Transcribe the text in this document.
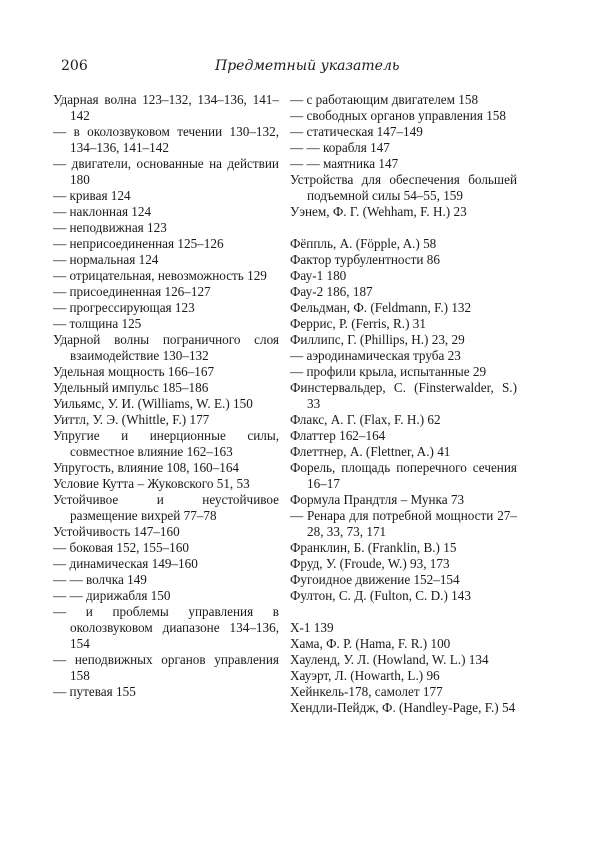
206	Предметный указатель
Ударная волна 123–132, 134–136, 141–142
— в околозвуковом течении 130–132, 134–136, 141–142
— двигатели, основанные на действии 180
— кривая 124
— наклонная 124
— неподвижная 123
— неприсоединенная 125–126
— нормальная 124
— отрицательная, невозможность 129
— присоединенная 126–127
— прогрессирующая 123
— толщина 125
Ударной волны пограничного слоя взаимодействие 130–132
Удельная мощность 166–167
Удельный импульс 185–186
Уильямс, У. И. (Williams, W. E.) 150
Уиттл, У. Э. (Whittle, F.) 177
Упругие и инерционные силы, совместное влияние 162–163
Упругость, влияние 108, 160–164
Условие Кутта – Жуковского 51, 53
Устойчивое и неустойчивое размещение вихрей 77–78
Устойчивость 147–160
— боковая 152, 155–160
— динамическая 149–160
— — волчка 149
— — дирижабля 150
— и проблемы управления в околозвуковом диапазоне 134–136, 154
— неподвижных органов управления 158
— путевая 155
— с работающим двигателем 158
— свободных органов управления 158
— статическая 147–149
— — корабля 147
— — маятника 147
Устройства для обеспечения большей подъемной силы 54–55, 159
Уэнем, Ф. Г. (Wehham, F. H.) 23
Фёппль, А. (Föpple, A.) 58
Фактор турбулентности 86
Фау-1 180
Фау-2 186, 187
Фельдман, Ф. (Feldmann, F.) 132
Феррис, Р. (Ferris, R.) 31
Филлипс, Г. (Phillips, H.) 23, 29
— аэродинамическая труба 23
— профили крыла, испытанные 29
Финстервальдер, С. (Finsterwalder, S.) 33
Флакс, А. Г. (Flax, F. H.) 62
Флаттер 162–164
Флеттнер, А. (Flettner, A.) 41
Форель, площадь поперечного сечения 16–17
Формула Прандтля – Мунка 73
— Ренара для потребной мощности 27–28, 33, 73, 171
Франклин, Б. (Franklin, B.) 15
Фруд, У. (Froude, W.) 93, 173
Фугоидное движение 152–154
Фултон, С. Д. (Fulton, C. D.) 143
Х-1 139
Хама, Ф. Р. (Hama, F. R.) 100
Хауленд, У. Л. (Howland, W. L.) 134
Хауэрт, Л. (Howarth, L.) 96
Хейнкель-178, самолет 177
Хендли-Пейдж, Ф. (Handley-Page, F.) 54
